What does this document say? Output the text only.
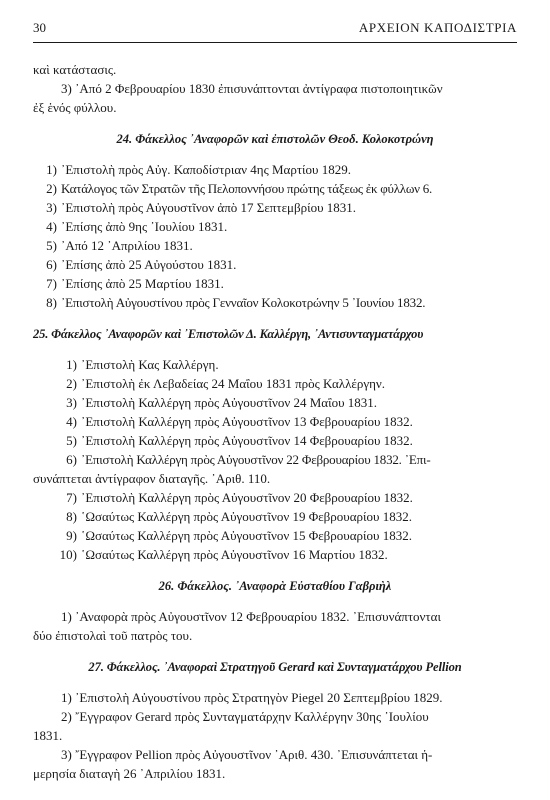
30	ΑΡΧΕΙΟΝ ΚΑΠΟΔΙΣΤΡΙΑ

καὶ κατάστασις.

3) ᾿Από 2 Φεβρουαρίου 1830 ἐπισυνάπτονται ἀντίγραφα πιστοποιητικῶν

ἐξ ἑνός φύλλου.

24. Φάκελλος ᾿Αναφορῶν καὶ ἐπιστολῶν Θεοδ. Κολοκοτρώνη
1) ᾿Επιστολὴ πρὸς Αὐγ. Καποδίστριαν 4ης Μαρτίου 1829.
2) Κατάλογος τῶν Στρατῶν τῆς Πελοποννήσου πρώτης τάξεως ἐκ φύλλων 6.
3) ᾿Επιστολὴ πρὸς Αὐγουστῖνον ἀπὸ 17 Σεπτεμβρίου 1831.
4) ᾿Επίσης ἀπὸ 9ης ᾿Ιουλίου 1831.
5) ᾿Από 12 ᾿Απριλίου 1831.
6) ᾿Επίσης ἀπὸ 25 Αὐγούστου 1831.
7) ᾿Επίσης ἀπὸ 25 Μαρτίου 1831.
8) ᾿Επιστολὴ Αὐγουστίνου πρὸς Γενναῖον Κολοκοτρώνην 5 ᾿Ιουνίου 1832.
25. Φάκελλος ᾿Αναφορῶν καὶ ᾿Επιστολῶν Δ. Καλλέργη, ᾿Αντισυνταγματάρχου
1) ᾿Επιστολὴ Κας Καλλέργη.
2) ᾿Επιστολὴ ἐκ Λεβαδείας 24 Μαΐου 1831 πρὸς Καλλέργην.
3) ᾿Επιστολὴ Καλλέργη πρὸς Αὐγουστῖνον 24 Μαΐου 1831.
4) ᾿Επιστολὴ Καλλέργη πρὸς Αὐγουστῖνον 13 Φεβρουαρίου 1832.
5) ᾿Επιστολὴ Καλλέργη πρὸς Αὐγουστῖνον 14 Φεβρουαρίου 1832.
6) ᾿Επιστολὴ Καλλέργη πρὸς Αὐγουστῖνον 22 Φεβρουαρίου 1832. ᾿Επι-

συνάπτεται ἀντίγραφον διαταγῆς. ᾿Αριθ. 110.

7) ᾿Επιστολὴ Καλλέργη πρὸς Αὐγουστῖνον 20 Φεβρουαρίου 1832.
8) ῾Ωσαύτως Καλλέργη πρὸς Αὐγουστῖνον 19 Φεβρουαρίου 1832.
9) ῾Ωσαύτως Καλλέργη πρὸς Αὐγουστῖνον 15 Φεβρουαρίου 1832.
10) ῾Ωσαύτως Καλλέργη πρὸς Αὐγουστῖνον 16 Μαρτίου 1832.
26. Φάκελλος. ᾿Αναφορὰ Εὐσταθίου Γαβριὴλ

1) ᾿Αναφορὰ πρὸς Αὐγουστῖνον 12 Φεβρουαρίου 1832. ᾿Επισυνάπτονται

δύο ἐπιστολαὶ τοῦ πατρὸς του.

27. Φάκελλος. ᾿Αναφοραὶ Στρατηγοῦ Gerard καὶ Συνταγματάρχου Pellion

1) ᾿Επιστολὴ Αὐγουστίνου πρὸς Στρατηγὸν Piegel 20 Σεπτεμβρίου 1829.

2) ῎Εγγραφον Gerard πρὸς Συνταγματάρχην Καλλέργην 30ης ᾿Ιουλίου

1831.

3) ῎Εγγραφον Pellion πρὸς Αὐγουστῖνον ᾿Αριθ. 430. ᾿Επισυνάπτεται ἡ-

μερησία διαταγὴ 26 ᾿Απριλίου 1831.
